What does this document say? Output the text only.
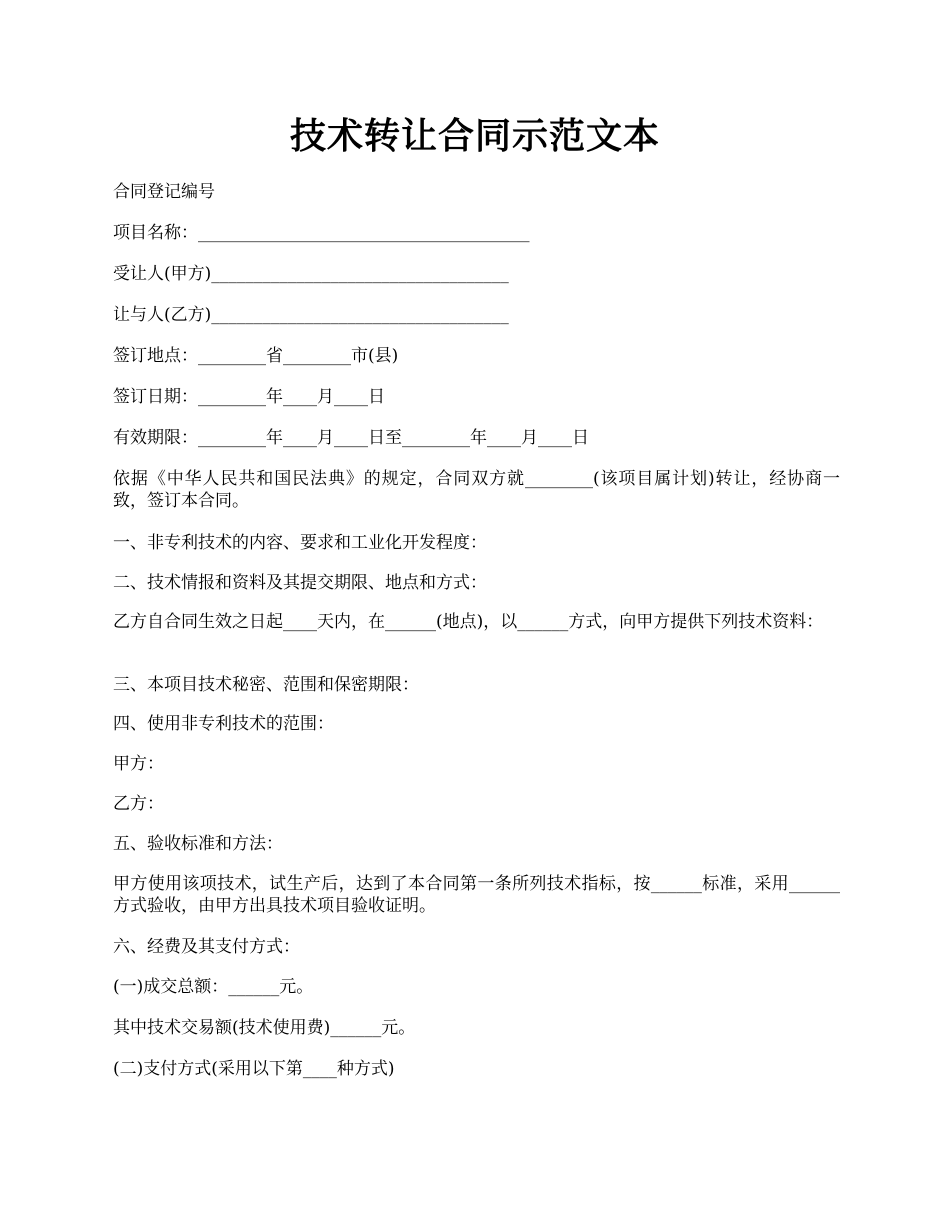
技术转让合同示范文本
合同登记编号
项目名称：_______________________________________
受让人(甲方)___________________________________
让与人(乙方)___________________________________
签订地点：________省________市(县)
签订日期：________年____月____日
有效期限：________年____月____日至________年____月____日
依据《中华人民共和国民法典》的规定，合同双方就________(该项目属计划)转让，经协商一致，签订本合同。
一、非专利技术的内容、要求和工业化开发程度：
二、技术情报和资料及其提交期限、地点和方式：
乙方自合同生效之日起____天内，在______(地点)，以______方式，向甲方提供下列技术资料：
三、本项目技术秘密、范围和保密期限：
四、使用非专利技术的范围：
甲方：
乙方：
五、验收标准和方法：
甲方使用该项技术，试生产后，达到了本合同第一条所列技术指标，按______标准，采用______方式验收，由甲方出具技术项目验收证明。
六、经费及其支付方式：
(一)成交总额：______元。
其中技术交易额(技术使用费)______元。
(二)支付方式(采用以下第____种方式)
